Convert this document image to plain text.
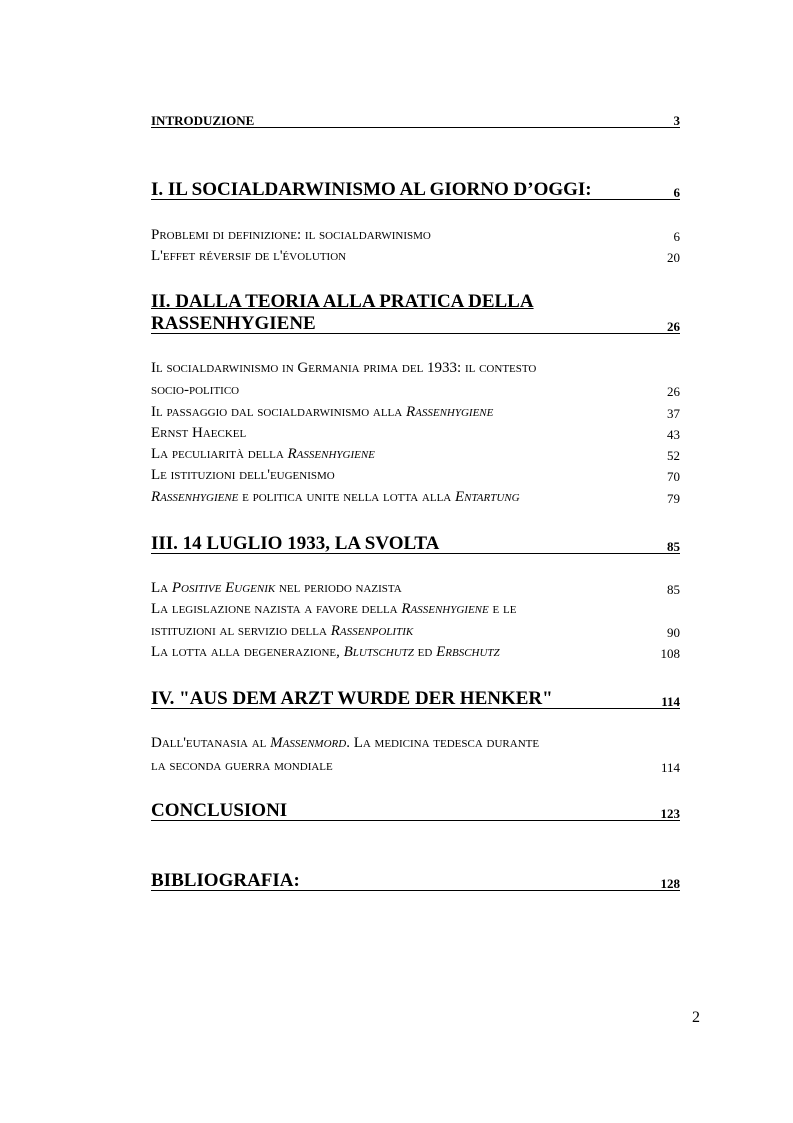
INTRODUZIONE	3
I. IL SOCIALDARWINISMO AL GIORNO D’OGGI:	6
Problemi di definizione: il socialdarwinismo	6
L'effet réversif de l'évolution	20
II. DALLA TEORIA ALLA PRATICA DELLA
RASSENHYGIENE	26
Il socialdarwinismo in Germania prima del 1933: il contesto
socio-politico	26
Il passaggio dal socialdarwinismo alla Rassenhygiene	37
Ernst Haeckel	43
La peculiarità della Rassenhygiene	52
Le istituzioni dell'eugenismo	70
Rassenhygiene e politica unite nella lotta alla Entartung	79
III. 14 LUGLIO 1933, LA SVOLTA	85
La Positive Eugenik nel periodo nazista	85
La legislazione nazista a favore della Rassenhygiene e le
istituzioni al servizio della Rassenpolitik	90
La lotta alla degenerazione, Blutschutz ed Erbschutz	108
IV. "AUS DEM ARZT WURDE DER HENKER"	114
Dall'eutanasia al Massenmord. La medicina tedesca durante
la seconda guerra mondiale	114
CONCLUSIONI	123
BIBLIOGRAFIA:	128
2
